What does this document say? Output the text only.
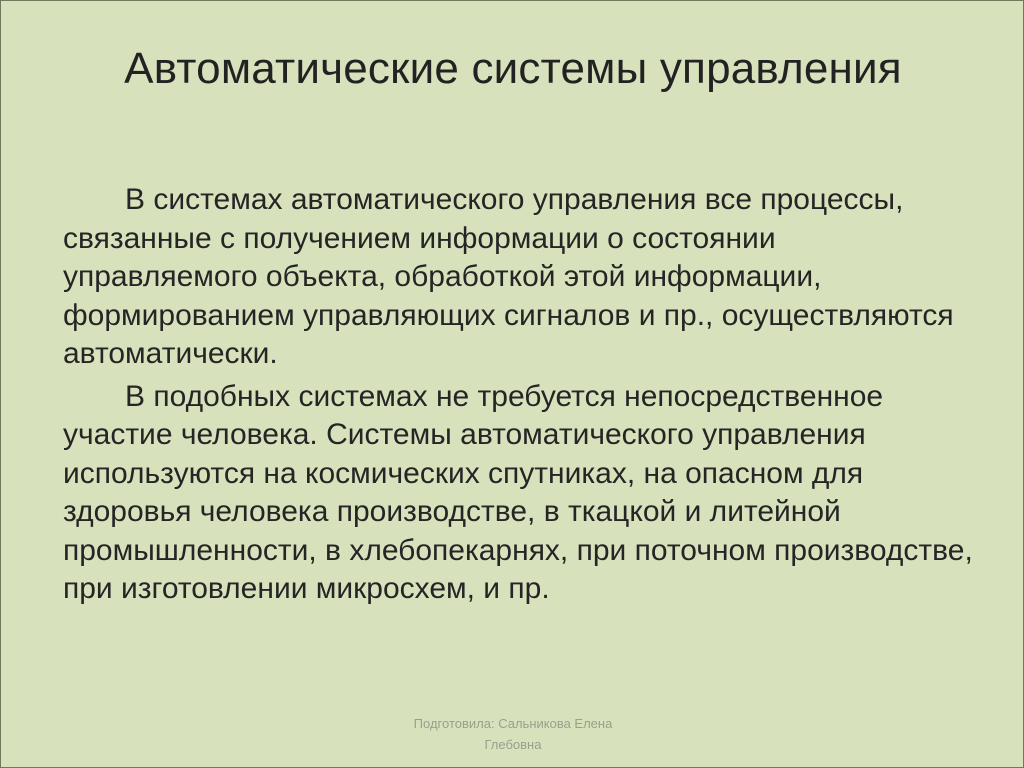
Автоматические системы управления

В системах автоматического управления все процессы, связанные с получением информации о состоянии управляемого объекта, обработкой этой информации, формированием управляющих сигналов и пр., осуществляются автоматически.

В подобных системах не требуется непосредственное участие человека. Системы автоматического управления используются на космических спутниках, на опасном для здоровья человека производстве, в ткацкой и литейной промышленности, в хлебопекарнях, при поточном производстве, при изготовлении микросхем, и пр.

Подготовила: Сальникова Елена
Глебовна
